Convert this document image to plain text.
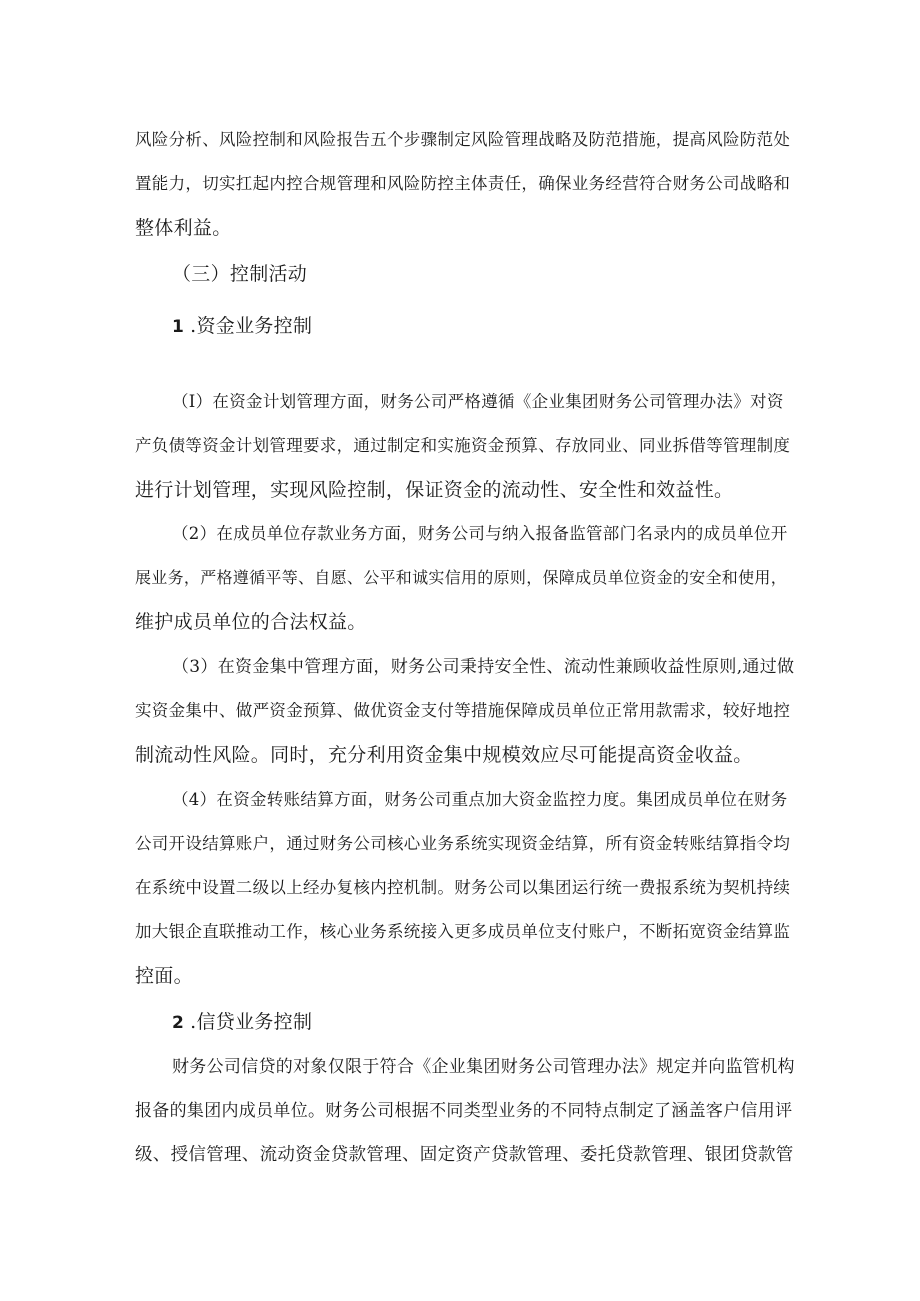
风险分析、风险控制和风险报告五个步骤制定风险管理战略及防范措施，提高风险防范处
置能力，切实扛起内控合规管理和风险防控主体责任，确保业务经营符合财务公司战略和
整体利益。
（三）控制活动
1 .资金业务控制
（I）在资金计划管理方面，财务公司严格遵循《企业集团财务公司管理办法》对资
产负债等资金计划管理要求，通过制定和实施资金预算、存放同业、同业拆借等管理制度
进行计划管理，实现风险控制，保证资金的流动性、安全性和效益性。
（2）在成员单位存款业务方面，财务公司与纳入报备监管部门名录内的成员单位开
展业务，严格遵循平等、自愿、公平和诚实信用的原则，保障成员单位资金的安全和使用，
维护成员单位的合法权益。
（3）在资金集中管理方面，财务公司秉持安全性、流动性兼顾收益性原则,通过做
实资金集中、做严资金预算、做优资金支付等措施保障成员单位正常用款需求，较好地控
制流动性风险。同时，充分利用资金集中规模效应尽可能提高资金收益。
（4）在资金转账结算方面，财务公司重点加大资金监控力度。集团成员单位在财务
公司开设结算账户，通过财务公司核心业务系统实现资金结算，所有资金转账结算指令均
在系统中设置二级以上经办复核内控机制。财务公司以集团运行统一费报系统为契机持续
加大银企直联推动工作，核心业务系统接入更多成员单位支付账户，不断拓宽资金结算监
控面。
2 .信贷业务控制
财务公司信贷的对象仅限于符合《企业集团财务公司管理办法》规定并向监管机构
报备的集团内成员单位。财务公司根据不同类型业务的不同特点制定了涵盖客户信用评
级、授信管理、流动资金贷款管理、固定资产贷款管理、委托贷款管理、银团贷款管
